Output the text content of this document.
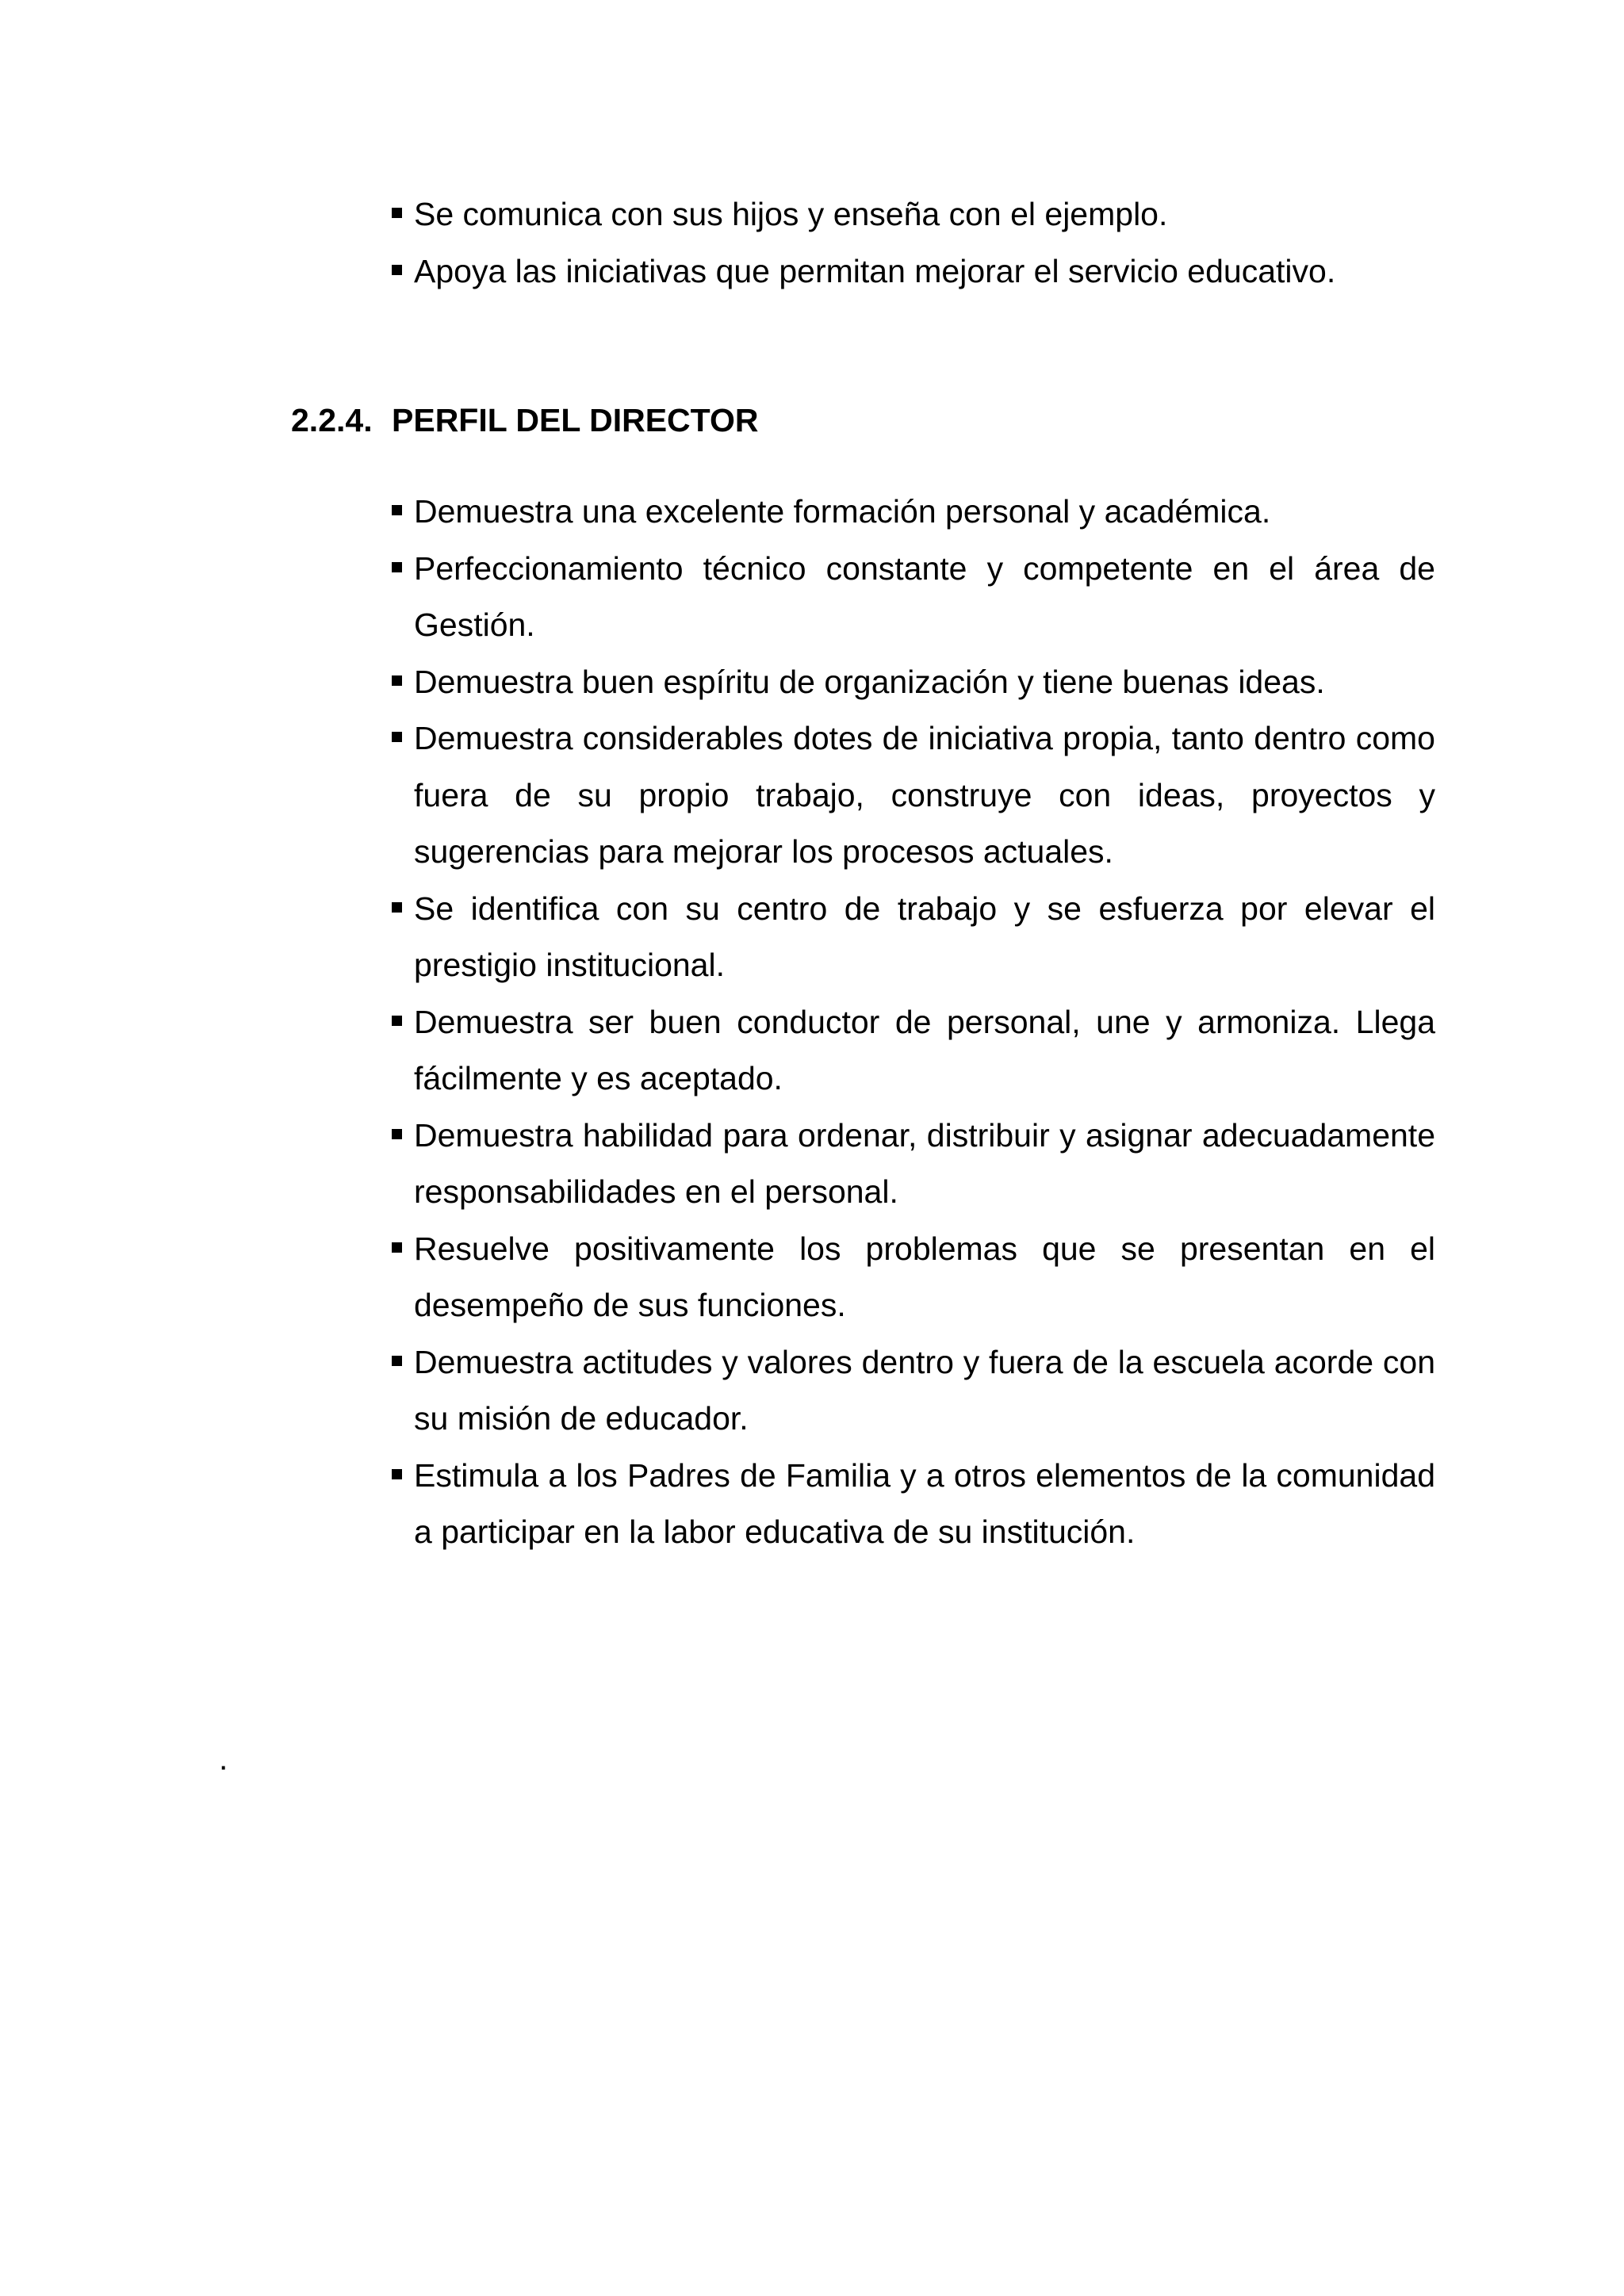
Se comunica con sus hijos y enseña con el ejemplo.
Apoya las iniciativas que permitan mejorar el servicio educativo.
2.2.4. PERFIL DEL DIRECTOR
Demuestra una excelente formación personal y académica.
Perfeccionamiento técnico constante y competente en el área de Gestión.
Demuestra buen espíritu de organización y tiene buenas ideas.
Demuestra considerables dotes de iniciativa propia, tanto dentro como fuera de su propio trabajo, construye con ideas, proyectos y sugerencias para mejorar los procesos actuales.
Se identifica con su centro de trabajo y se esfuerza por elevar el prestigio institucional.
Demuestra ser buen conductor de personal, une y armoniza. Llega fácilmente y es aceptado.
Demuestra habilidad para ordenar, distribuir y asignar adecuadamente responsabilidades en el personal.
Resuelve positivamente los problemas que se presentan en el desempeño de sus funciones.
Demuestra actitudes y valores dentro y fuera de la escuela acorde con su misión de educador.
Estimula a los Padres de Familia y a otros elementos de la comunidad a participar en la labor educativa de su institución.
.
